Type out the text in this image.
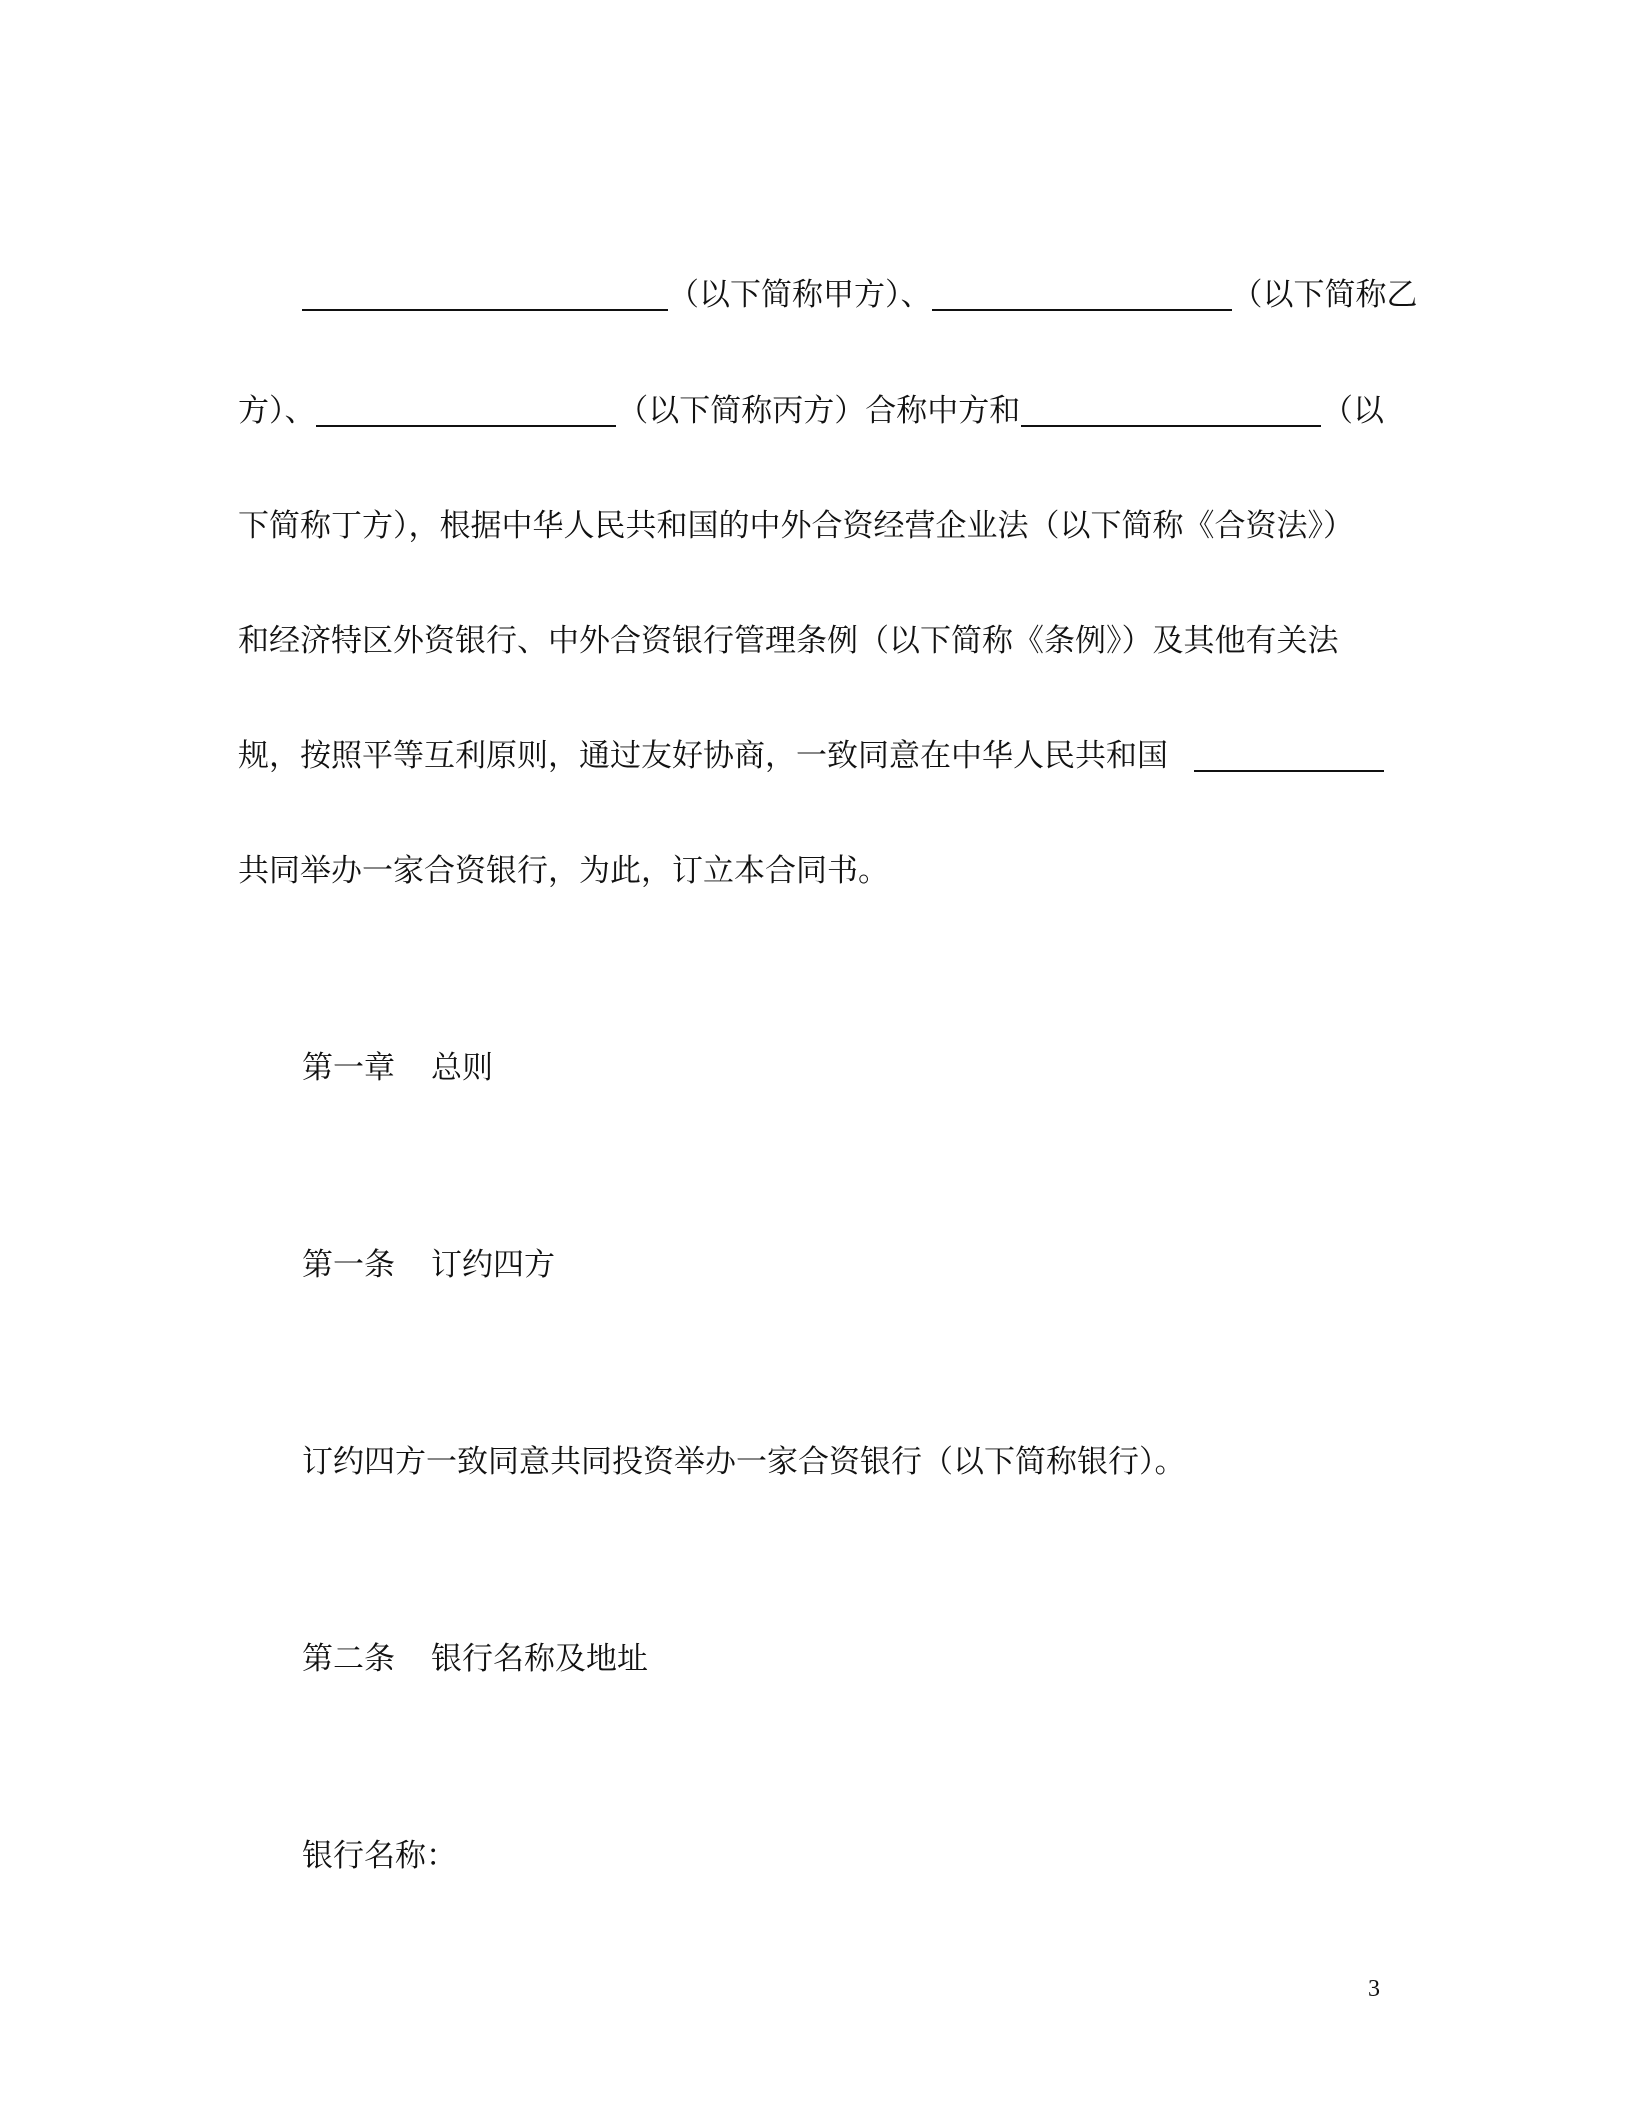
（以下简称甲方）、	（以下简称乙
方）、	（以下简称丙方）合称中方和	（以
下简称丁方），根据中华人民共和国的中外合资经营企业法（以下简称《合资法》）
和经济特区外资银行、中外合资银行管理条例（以下简称《条例》）及其他有关法
规，按照平等互利原则，通过友好协商，一致同意在中华人民共和国
共同举办一家合资银行，为此，订立本合同书。
第一章 总则
第一条 订约四方
订约四方一致同意共同投资举办一家合资银行（以下简称银行）。
第二条 银行名称及地址
银行名称：
3
